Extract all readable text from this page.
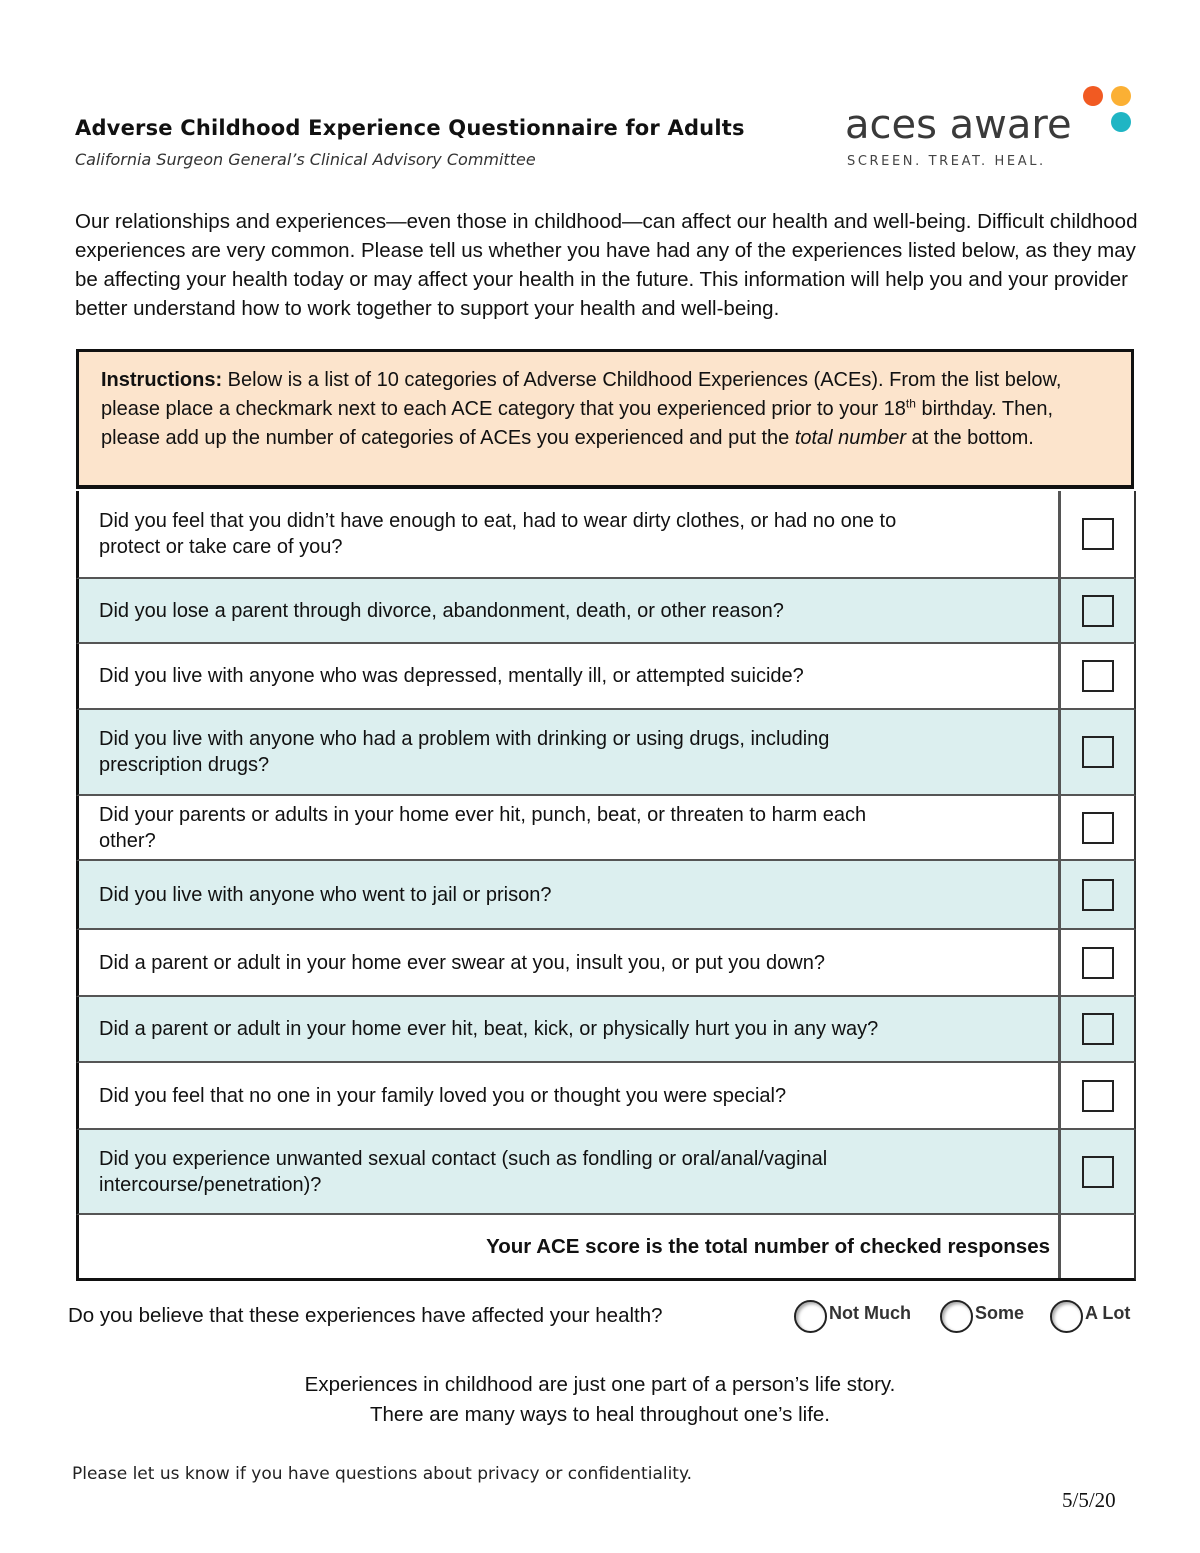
Adverse Childhood Experience Questionnaire for Adults
California Surgeon General’s Clinical Advisory Committee
aces aware
SCREEN. TREAT. HEAL.
Our relationships and experiences—even those in childhood—can affect our health and well-being. Difficult childhood experiences are very common. Please tell us whether you have had any of the experiences listed below, as they may be affecting your health today or may affect your health in the future. This information will help you and your provider better understand how to work together to support your health and well-being.
Instructions: Below is a list of 10 categories of Adverse Childhood Experiences (ACEs). From the list below, please place a checkmark next to each ACE category that you experienced prior to your 18th birthday. Then, please add up the number of categories of ACEs you experienced and put the total number at the bottom.
Did you feel that you didn’t have enough to eat, had to wear dirty clothes, or had no one to protect or take care of you?
Did you lose a parent through divorce, abandonment, death, or other reason?
Did you live with anyone who was depressed, mentally ill, or attempted suicide?
Did you live with anyone who had a problem with drinking or using drugs, including prescription drugs?
Did your parents or adults in your home ever hit, punch, beat, or threaten to harm each other?
Did you live with anyone who went to jail or prison?
Did a parent or adult in your home ever swear at you, insult you, or put you down?
Did a parent or adult in your home ever hit, beat, kick, or physically hurt you in any way?
Did you feel that no one in your family loved you or thought you were special?
Did you experience unwanted sexual contact (such as fondling or oral/anal/vaginal intercourse/penetration)?
Your ACE score is the total number of checked responses
Do you believe that these experiences have affected your health?	Not Much	Some	A Lot
Experiences in childhood are just one part of a person’s life story.
There are many ways to heal throughout one’s life.
Please let us know if you have questions about privacy or confidentiality.
5/5/20
